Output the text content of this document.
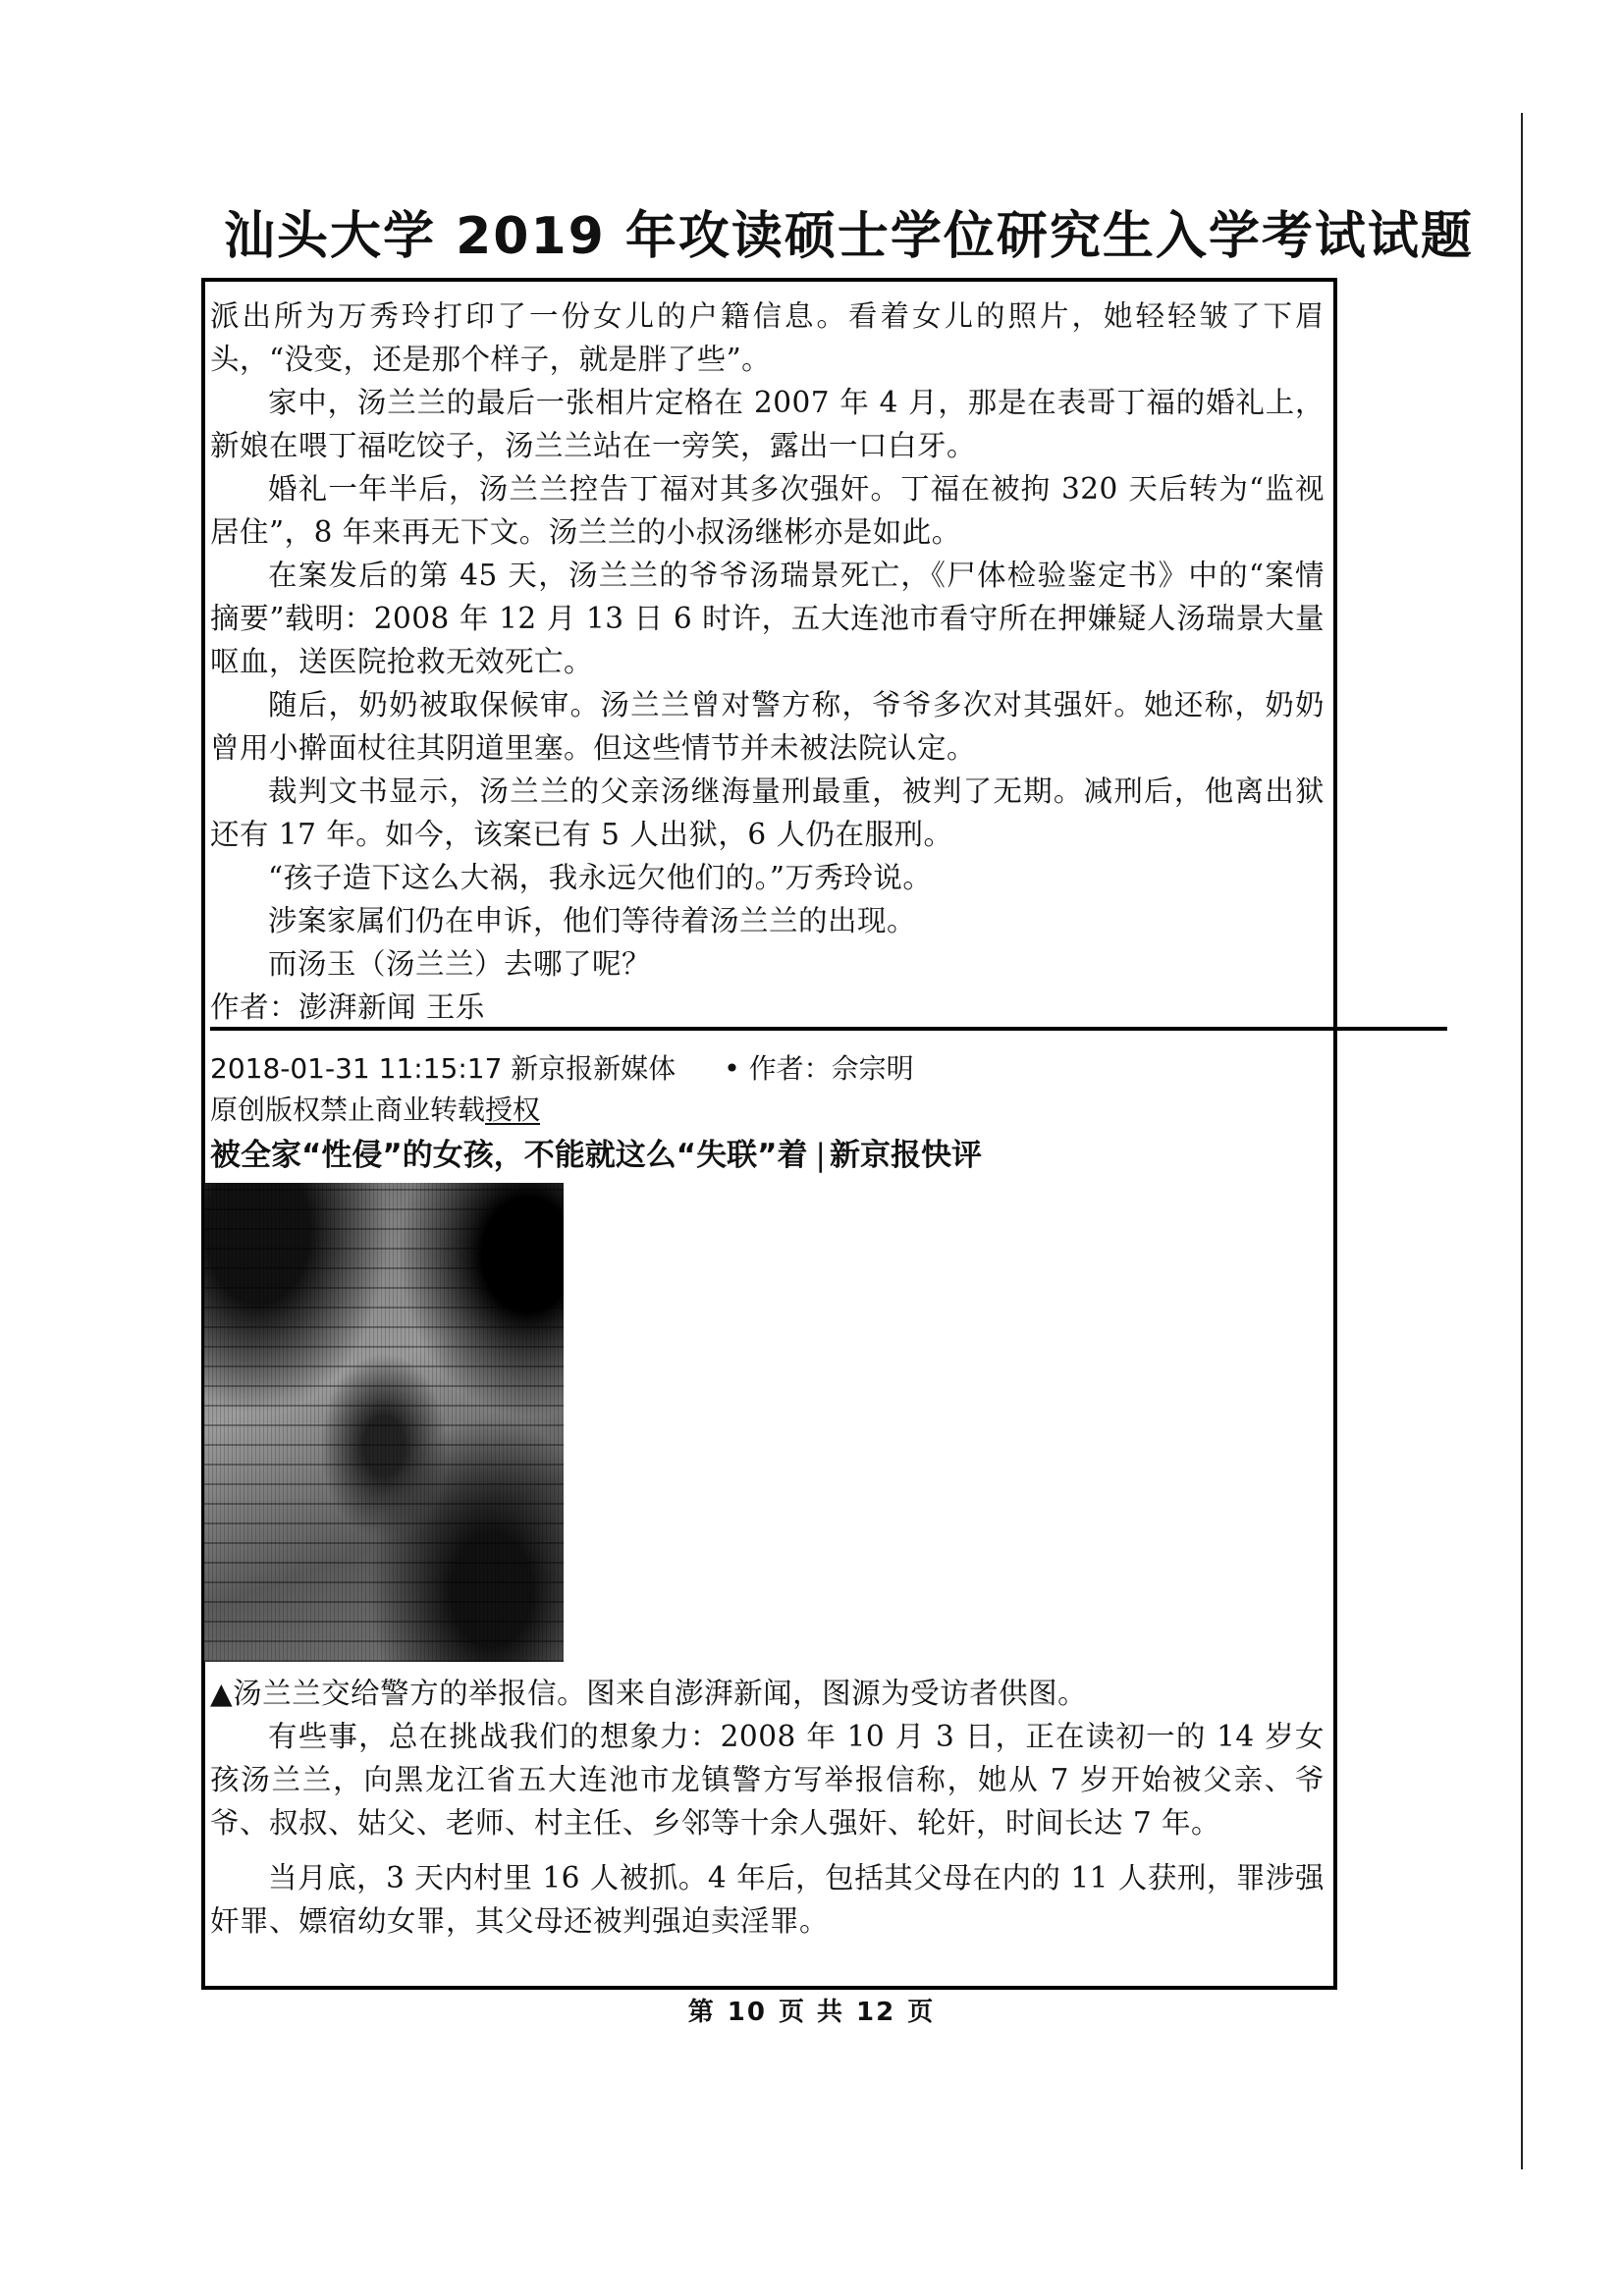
汕头大学 2019 年攻读硕士学位研究生入学考试试题

派出所为万秀玲打印了一份女儿的户籍信息。看着女儿的照片，她轻轻皱了下眉头，“没变，还是那个样子，就是胖了些”。

家中，汤兰兰的最后一张相片定格在 2007 年 4 月，那是在表哥丁福的婚礼上，新娘在喂丁福吃饺子，汤兰兰站在一旁笑，露出一口白牙。

婚礼一年半后，汤兰兰控告丁福对其多次强奸。丁福在被拘 320 天后转为“监视居住”，8 年来再无下文。汤兰兰的小叔汤继彬亦是如此。

在案发后的第 45 天，汤兰兰的爷爷汤瑞景死亡，《尸体检验鉴定书》中的“案情摘要”载明：2008 年 12 月 13 日 6 时许，五大连池市看守所在押嫌疑人汤瑞景大量呕血，送医院抢救无效死亡。

随后，奶奶被取保候审。汤兰兰曾对警方称，爷爷多次对其强奸。她还称，奶奶曾用小擀面杖往其阴道里塞。但这些情节并未被法院认定。

裁判文书显示，汤兰兰的父亲汤继海量刑最重，被判了无期。减刑后，他离出狱还有 17 年。如今，该案已有 5 人出狱，6 人仍在服刑。

“孩子造下这么大祸，我永远欠他们的。”万秀玲说。

涉案家属们仍在申诉，他们等待着汤兰兰的出现。

而汤玉（汤兰兰）去哪了呢？

作者：澎湃新闻 王乐

2018-01-31 11:15:17 新京报新媒体 • 作者：佘宗明
原创版权禁止商业转载授权
被全家“性侵”的女孩，不能就这么“失联”着 | 新京报快评

▲汤兰兰交给警方的举报信。图来自澎湃新闻，图源为受访者供图。

有些事，总在挑战我们的想象力：2008 年 10 月 3 日，正在读初一的 14 岁女孩汤兰兰，向黑龙江省五大连池市龙镇警方写举报信称，她从 7 岁开始被父亲、爷爷、叔叔、姑父、老师、村主任、乡邻等十余人强奸、轮奸，时间长达 7 年。

当月底，3 天内村里 16 人被抓。4 年后，包括其父母在内的 11 人获刑，罪涉强奸罪、嫖宿幼女罪，其父母还被判强迫卖淫罪。

第 10 页 共 12 页
